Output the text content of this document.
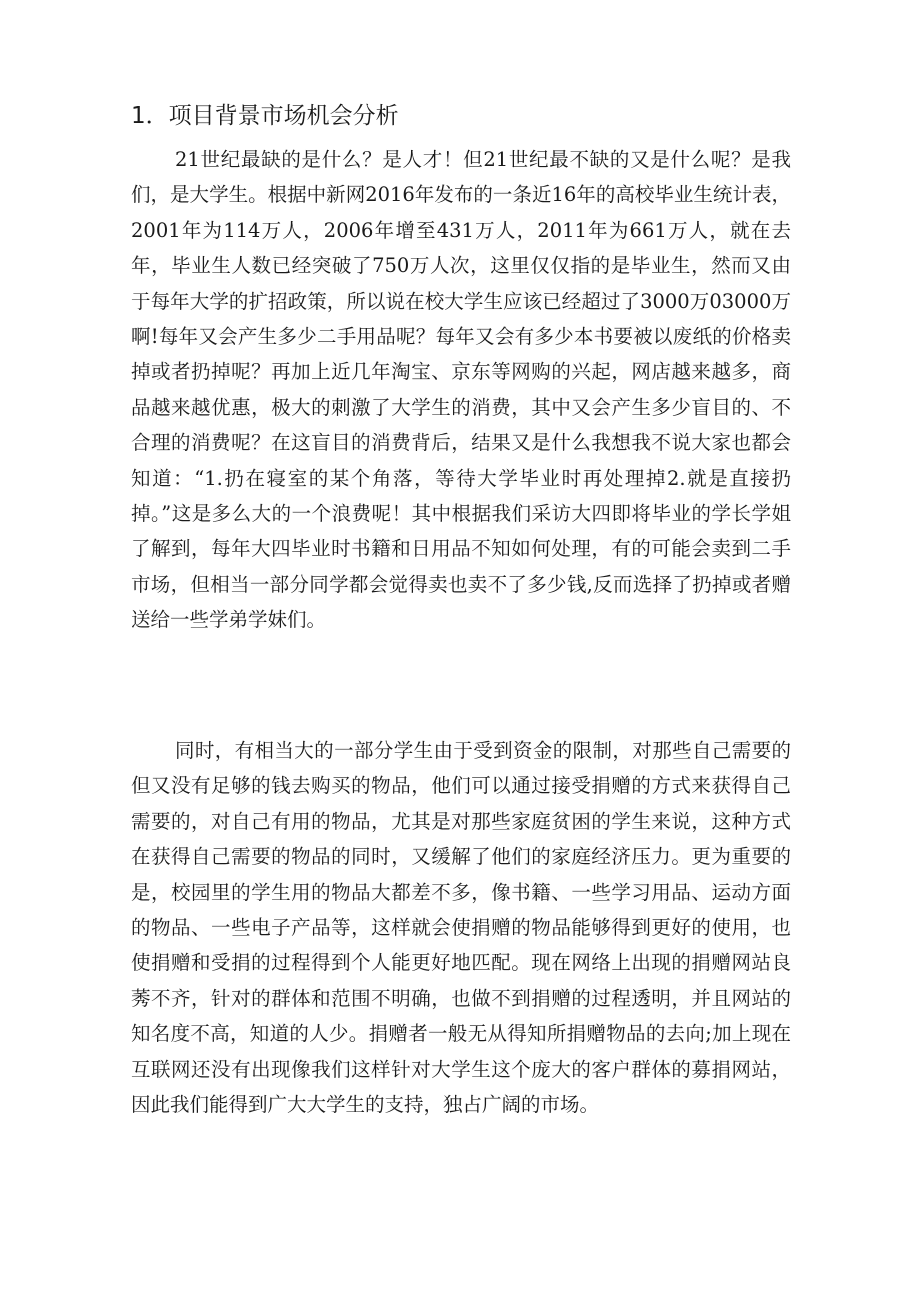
1．项目背景市场机会分析

21世纪最缺的是什么？是人才！但21世纪最不缺的又是什么呢？是我们，是大学生。根据中新网2016年发布的一条近16年的高校毕业生统计表，2001年为114万人，2006年增至431万人，2011年为661万人，就在去年，毕业生人数已经突破了750万人次，这里仅仅指的是毕业生，然而又由于每年大学的扩招政策，所以说在校大学生应该已经超过了3000万03000万啊!每年又会产生多少二手用品呢？每年又会有多少本书要被以废纸的价格卖掉或者扔掉呢？再加上近几年淘宝、京东等网购的兴起，网店越来越多，商品越来越优惠，极大的刺激了大学生的消费，其中又会产生多少盲目的、不合理的消费呢？在这盲目的消费背后，结果又是什么我想我不说大家也都会知道：“1.扔在寝室的某个角落，等待大学毕业时再处理掉2.就是直接扔掉。”这是多么大的一个浪费呢！其中根据我们采访大四即将毕业的学长学姐了解到，每年大四毕业时书籍和日用品不知如何处理，有的可能会卖到二手市场，但相当一部分同学都会觉得卖也卖不了多少钱,反而选择了扔掉或者赠送给一些学弟学妹们。

同时，有相当大的一部分学生由于受到资金的限制，对那些自己需要的但又没有足够的钱去购买的物品，他们可以通过接受捐赠的方式来获得自己需要的，对自己有用的物品，尤其是对那些家庭贫困的学生来说，这种方式在获得自己需要的物品的同时，又缓解了他们的家庭经济压力。更为重要的是，校园里的学生用的物品大都差不多，像书籍、一些学习用品、运动方面的物品、一些电子产品等，这样就会使捐赠的物品能够得到更好的使用，也使捐赠和受捐的过程得到个人能更好地匹配。现在网络上出现的捐赠网站良莠不齐，针对的群体和范围不明确，也做不到捐赠的过程透明，并且网站的知名度不高，知道的人少。捐赠者一般无从得知所捐赠物品的去向;加上现在互联网还没有出现像我们这样针对大学生这个庞大的客户群体的募捐网站，因此我们能得到广大大学生的支持，独占广阔的市场。
